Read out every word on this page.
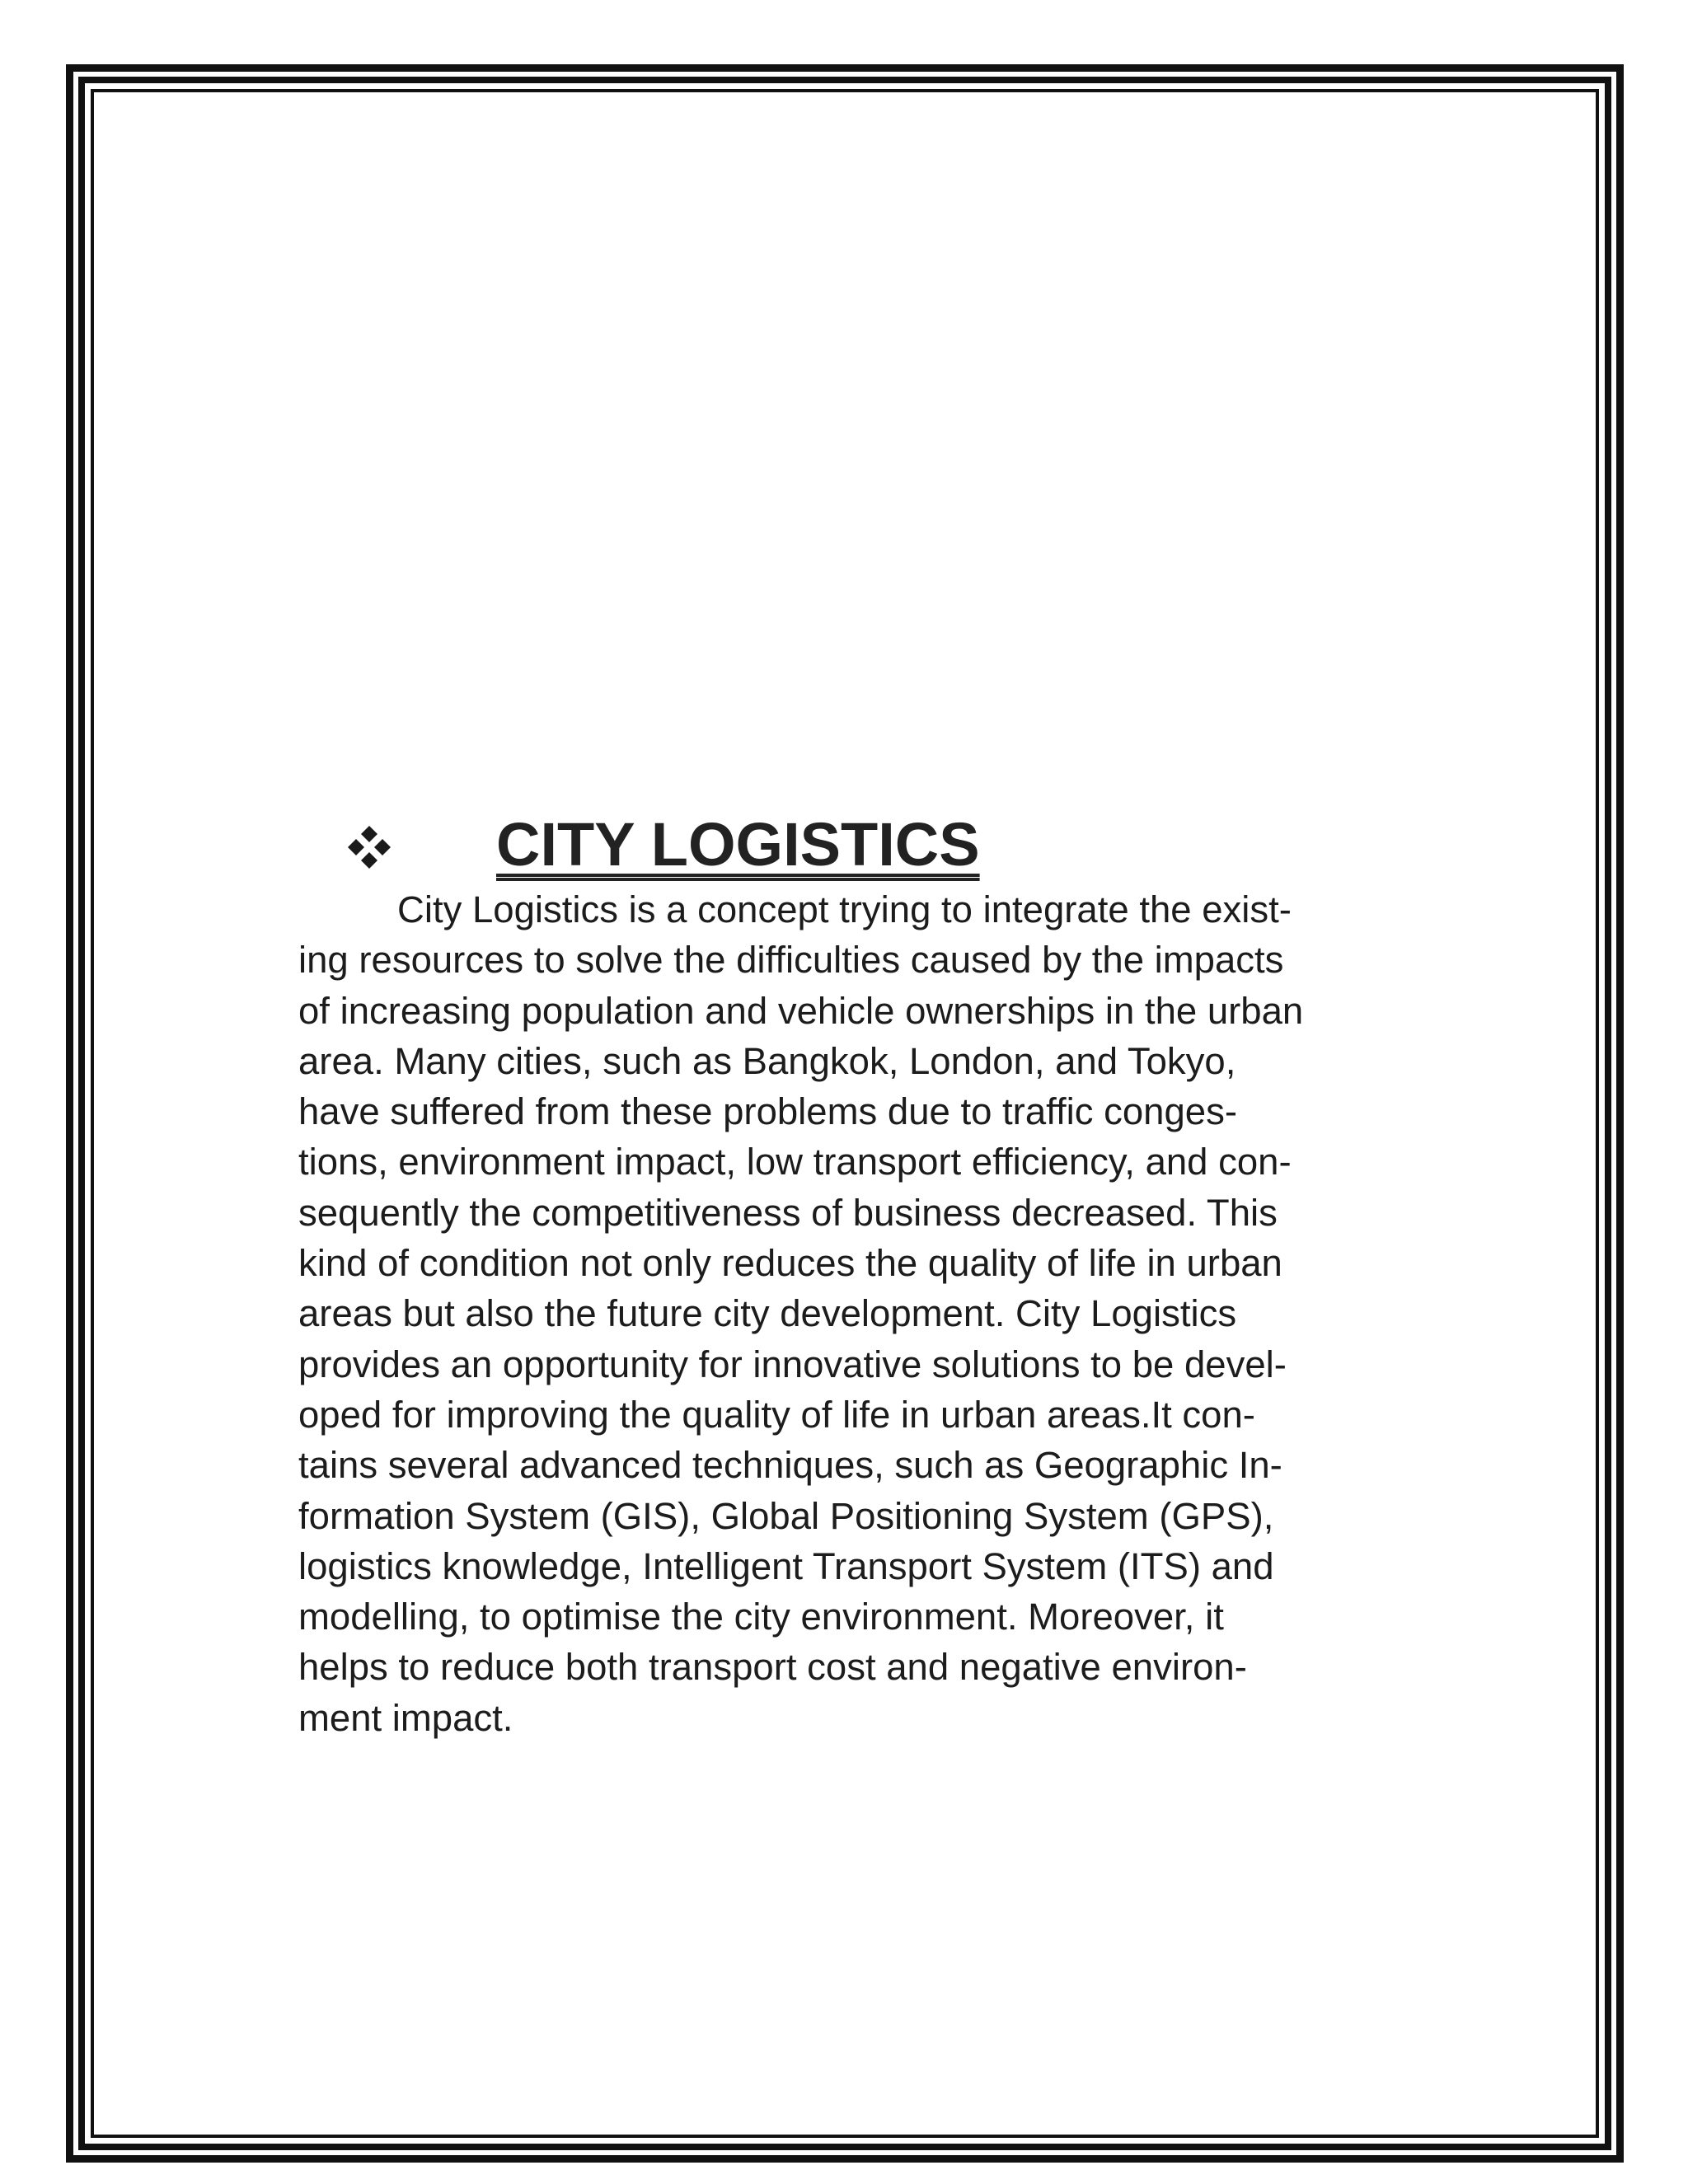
CITY LOGISTICS

City Logistics is a concept trying to integrate the exist-
ing resources to solve the difficulties caused by the impacts
of increasing population and vehicle ownerships in the urban
area. Many cities, such as Bangkok, London, and Tokyo,
have suffered from these problems due to traffic conges-
tions, environment impact, low transport efficiency, and con-
sequently the competitiveness of business decreased. This
kind of condition not only reduces the quality of life in urban
areas but also the future city development. City Logistics
provides an opportunity for innovative solutions to be devel-
oped for improving the quality of life in urban areas.It con-
tains several advanced techniques, such as Geographic In-
formation System (GIS), Global Positioning System (GPS),
logistics knowledge, Intelligent Transport System (ITS) and
modelling, to optimise the city environment. Moreover, it
helps to reduce both transport cost and negative environ-
ment impact.
